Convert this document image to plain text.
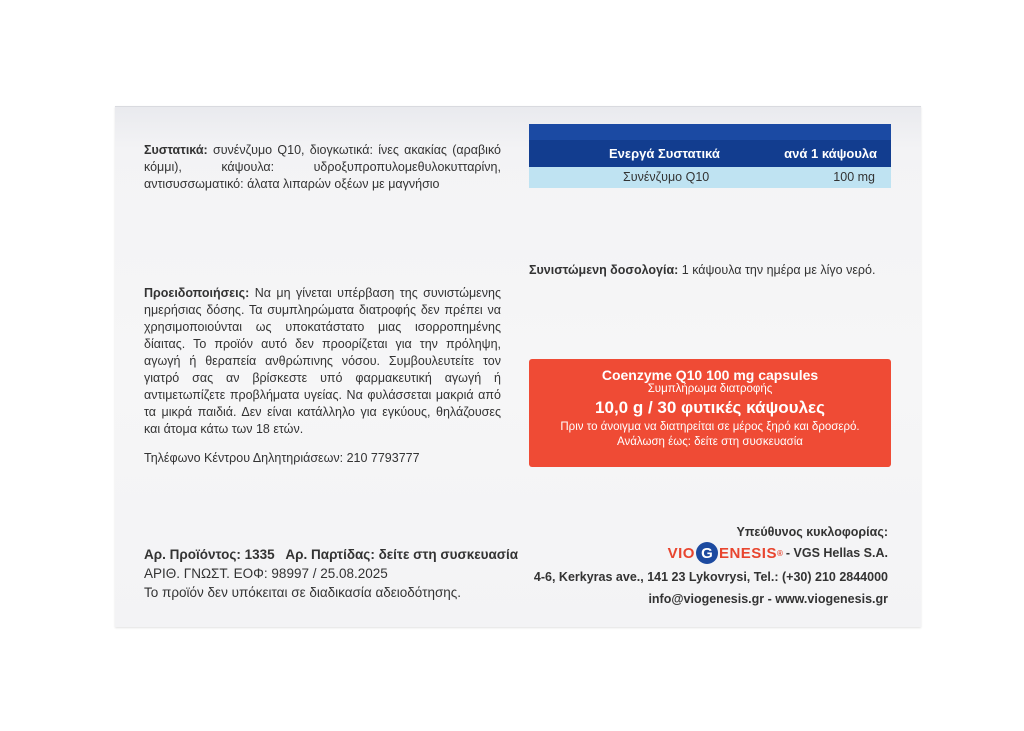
Συστατικά: συνένζυμο Q10, διογκωτικά: ίνες ακακίας (αραβικό κόμμι), κάψουλα: υδροξυπροπυλομεθυλοκυτταρίνη, αντισυσσωματικό: άλατα λιπαρών οξέων με μαγνήσιο
Ενεργά Συστατικά	ανά 1 κάψουλα
Συνένζυμο Q10	100 mg
Συνιστώμενη δοσολογία: 1 κάψουλα την ημέρα με λίγο νερό.
Προειδοποιήσεις: Να μη γίνεται υπέρβαση της συνιστώμενης ημερήσιας δόσης. Τα συμπληρώματα διατροφής δεν πρέπει να χρησιμοποιούνται ως υποκατάστατο μιας ισορροπημένης δίαιτας. Το προϊόν αυτό δεν προορίζεται για την πρόληψη, αγωγή ή θεραπεία ανθρώπινης νόσου. Συμβουλευτείτε τον γιατρό σας αν βρίσκεστε υπό φαρμακευτική αγωγή ή αντιμετωπίζετε προβλήματα υγείας. Να φυλάσσεται μακριά από τα μικρά παιδιά. Δεν είναι κατάλληλο για εγκύους, θηλάζουσες και άτομα κάτω των 18 ετών.
Τηλέφωνο Κέντρου Δηλητηριάσεων: 210 7793777
Coenzyme Q10 100 mg capsules
Συμπλήρωμα διατροφής
10,0 g / 30 φυτικές κάψουλες
Πριν το άνοιγμα να διατηρείται σε μέρος ξηρό και δροσερό.
Ανάλωση έως: δείτε στη συσκευασία
Αρ. Προϊόντος: 1335 Αρ. Παρτίδας: δείτε στη συσκευασία
ΑΡΙΘ. ΓΝΩΣΤ. ΕΟΦ: 98997 / 25.08.2025
Το προϊόν δεν υπόκειται σε διαδικασία αδειοδότησης.
Υπεύθυνος κυκλοφορίας:
VIO G ENESIS ® - VGS Hellas S.A.
4-6, Kerkyras ave., 141 23 Lykovrysi, Tel.: (+30) 210 2844000
info@viogenesis.gr - www.viogenesis.gr
